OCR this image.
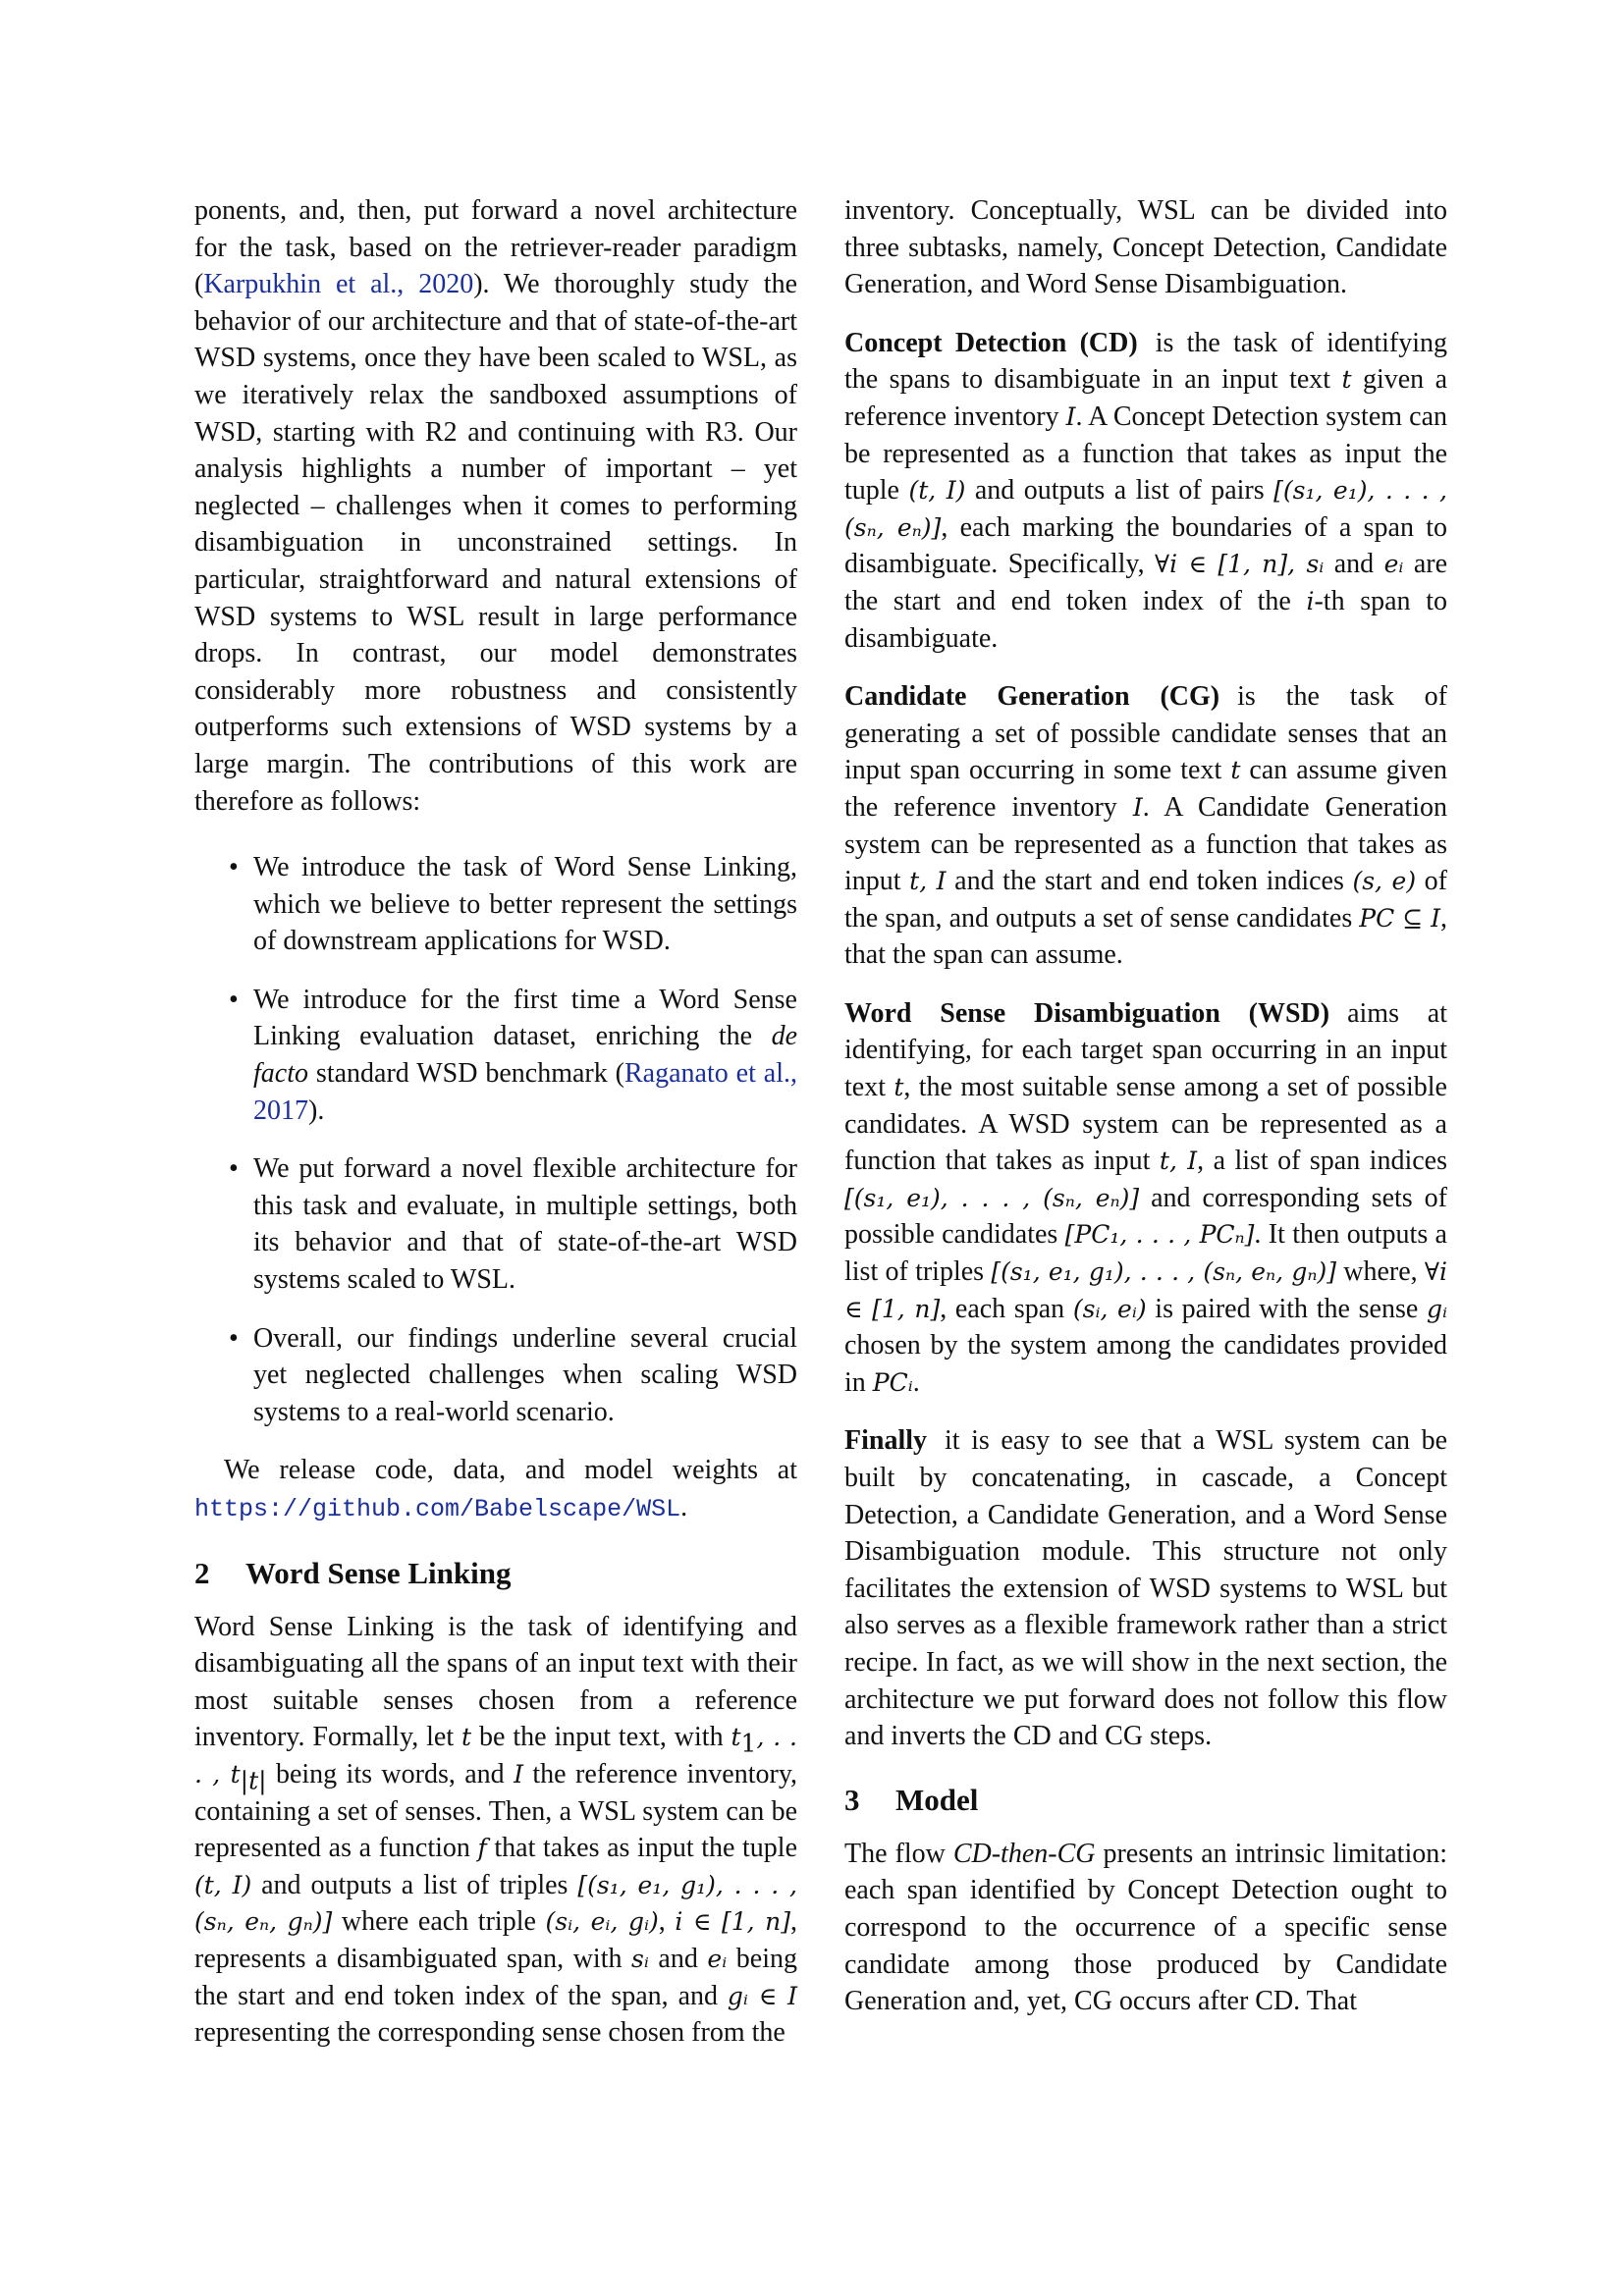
ponents, and, then, put forward a novel architecture for the task, based on the retriever-reader paradigm (Karpukhin et al., 2020). We thoroughly study the behavior of our architecture and that of state-of-the-art WSD systems, once they have been scaled to WSL, as we iteratively relax the sandboxed assumptions of WSD, starting with R2 and continuing with R3. Our analysis highlights a number of important – yet neglected – challenges when it comes to performing disambiguation in unconstrained settings. In particular, straightforward and natural extensions of WSD systems to WSL result in large performance drops. In contrast, our model demonstrates considerably more robustness and consistently outperforms such extensions of WSD systems by a large margin. The contributions of this work are therefore as follows:

• We introduce the task of Word Sense Linking, which we believe to better represent the settings of downstream applications for WSD.
• We introduce for the first time a Word Sense Linking evaluation dataset, enriching the de facto standard WSD benchmark (Raganato et al., 2017).
• We put forward a novel flexible architecture for this task and evaluate, in multiple settings, both its behavior and that of state-of-the-art WSD systems scaled to WSL.
• Overall, our findings underline several crucial yet neglected challenges when scaling WSD systems to a real-world scenario.

We release code, data, and model weights at https://github.com/Babelscape/WSL.

2 Word Sense Linking

Word Sense Linking is the task of identifying and disambiguating all the spans of an input text with their most suitable senses chosen from a reference inventory. Formally, let t be the input text, with $t_1$, . . . , $t_{|t|}$ being its words, and I the reference inventory, containing a set of senses. Then, a WSL system can be represented as a function f that takes as input the tuple (t, I) and outputs a list of triples [(s₁, e₁, g₁), . . . , (sₙ, eₙ, gₙ)] where each triple (sᵢ, eᵢ, gᵢ), i ∈ [1, n], represents a disambiguated span, with sᵢ and eᵢ being the start and end token index of the span, and gᵢ ∈ I representing the corresponding sense chosen from the

inventory. Conceptually, WSL can be divided into three subtasks, namely, Concept Detection, Candidate Generation, and Word Sense Disambiguation.

Concept Detection (CD) is the task of identifying the spans to disambiguate in an input text t given a reference inventory I. A Concept Detection system can be represented as a function that takes as input the tuple (t, I) and outputs a list of pairs [(s₁, e₁), . . . , (sₙ, eₙ)], each marking the boundaries of a span to disambiguate. Specifically, ∀i ∈ [1, n], sᵢ and eᵢ are the start and end token index of the i-th span to disambiguate.

Candidate Generation (CG) is the task of generating a set of possible candidate senses that an input span occurring in some text t can assume given the reference inventory I. A Candidate Generation system can be represented as a function that takes as input t, I and the start and end token indices (s, e) of the span, and outputs a set of sense candidates PC ⊆ I, that the span can assume.

Word Sense Disambiguation (WSD) aims at identifying, for each target span occurring in an input text t, the most suitable sense among a set of possible candidates. A WSD system can be represented as a function that takes as input t, I, a list of span indices [(s₁, e₁), . . . , (sₙ, eₙ)] and corresponding sets of possible candidates [PC₁, . . . , PCₙ]. It then outputs a list of triples [(s₁, e₁, g₁), . . . , (sₙ, eₙ, gₙ)] where, ∀i ∈ [1, n], each span (sᵢ, eᵢ) is paired with the sense gᵢ chosen by the system among the candidates provided in PCᵢ.

Finally it is easy to see that a WSL system can be built by concatenating, in cascade, a Concept Detection, a Candidate Generation, and a Word Sense Disambiguation module. This structure not only facilitates the extension of WSD systems to WSL but also serves as a flexible framework rather than a strict recipe. In fact, as we will show in the next section, the architecture we put forward does not follow this flow and inverts the CD and CG steps.

3 Model

The flow CD-then-CG presents an intrinsic limitation: each span identified by Concept Detection ought to correspond to the occurrence of a specific sense candidate among those produced by Candidate Generation and, yet, CG occurs after CD. That
